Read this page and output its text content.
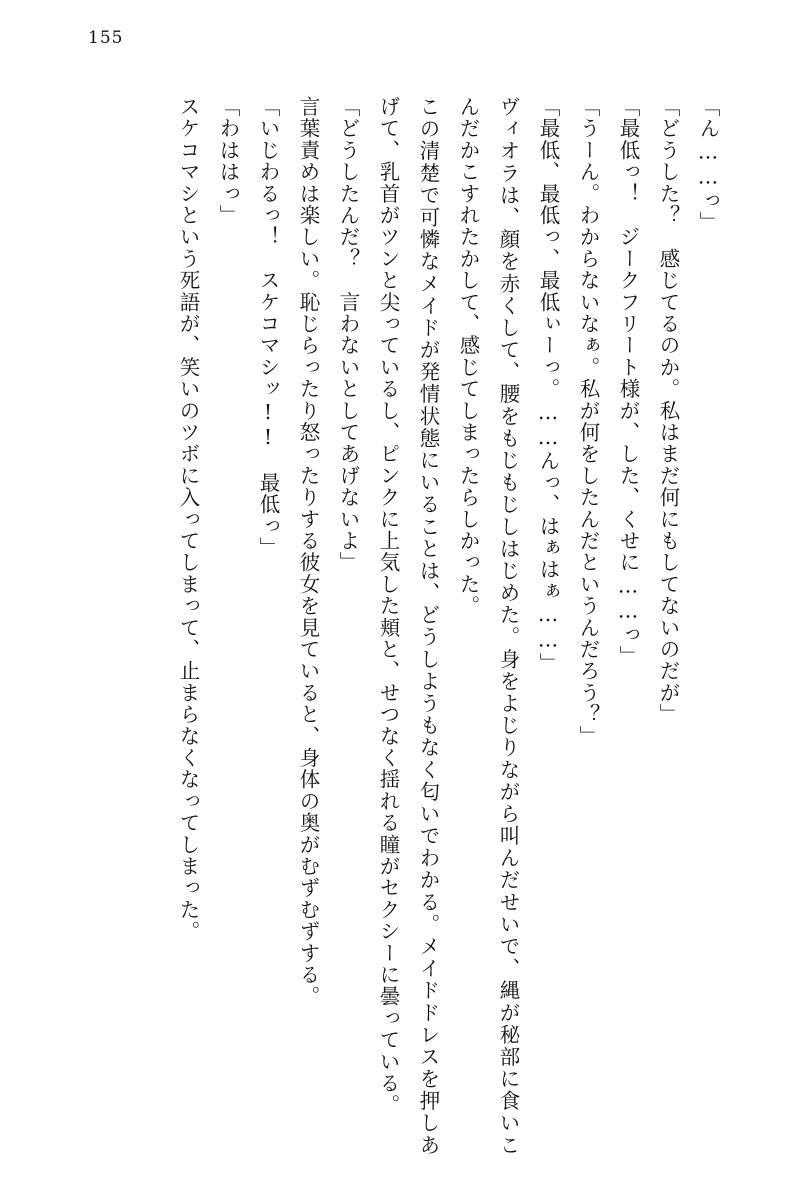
155

「ん……っ」

「どうした？　感じてるのか。私はまだ何にもしてないのだが」

「最低っ！　ジークフリート様が、した、くせに……っ」

「うーん。わからないなぁ。私が何をしたんだというんだろう？」

「最低、最低っ、最低ぃーっ。……んっ、はぁはぁ……」

ヴィオラは、顔を赤くして、腰をもじもじしはじめた。身をよじりながら叫んだせいで、縄が秘部に食いこんだかこすれたかして、感じてしまったらしかった。

この清楚で可憐なメイドが発情状態にいることは、どうしようもなく匂いでわかる。メイドドレスを押しあげて、乳首がツンと尖っているし、ピンクに上気した頬と、せつなく揺れる瞳がセクシーに曇っている。

「どうしたんだ？　言わないとしてあげないよ」

言葉責めは楽しい。恥じらったり怒ったりする彼女を見ていると、身体の奥がむずむずする。

「いじわるっ！　スケコマシッ!!　最低っ」

「わははっ」

スケコマシという死語が、笑いのツボに入ってしまって、止まらなくなってしまった。
